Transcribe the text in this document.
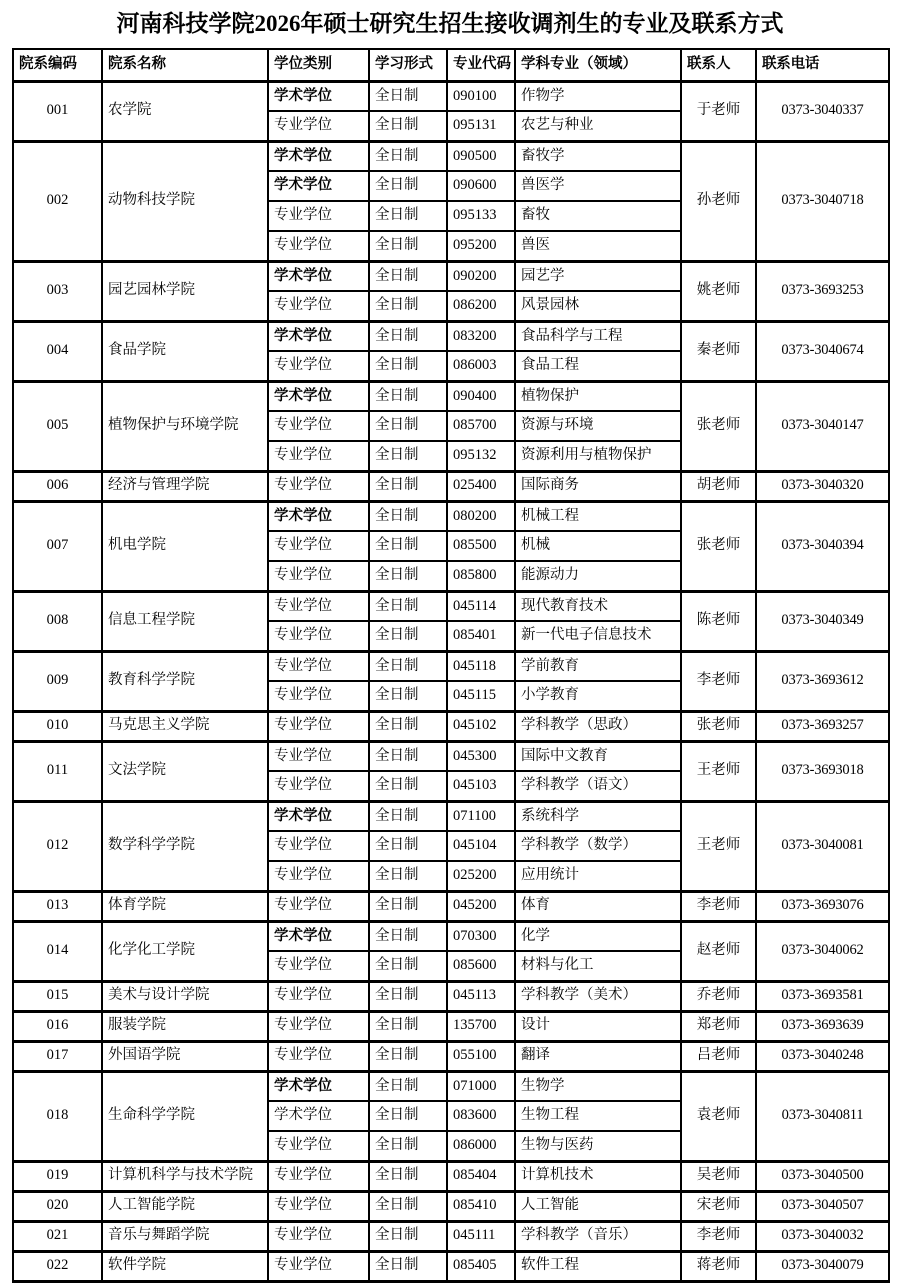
河南科技学院2026年硕士研究生招生接收调剂生的专业及联系方式
院系编码	院系名称	学位类别	学习形式	专业代码	学科专业（领域）	联系人	联系电话
001	农学院	学术学位	全日制	090100	作物学	于老师	0373-3040337
		专业学位	全日制	095131	农艺与种业		
002	动物科技学院	学术学位	全日制	090500	畜牧学	孙老师	0373-3040718
		学术学位	全日制	090600	兽医学		
		专业学位	全日制	095133	畜牧		
		专业学位	全日制	095200	兽医		
003	园艺园林学院	学术学位	全日制	090200	园艺学	姚老师	0373-3693253
		专业学位	全日制	086200	风景园林		
004	食品学院	学术学位	全日制	083200	食品科学与工程	秦老师	0373-3040674
		专业学位	全日制	086003	食品工程		
005	植物保护与环境学院	学术学位	全日制	090400	植物保护	张老师	0373-3040147
		专业学位	全日制	085700	资源与环境		
		专业学位	全日制	095132	资源利用与植物保护		
006	经济与管理学院	专业学位	全日制	025400	国际商务	胡老师	0373-3040320
007	机电学院	学术学位	全日制	080200	机械工程	张老师	0373-3040394
		专业学位	全日制	085500	机械		
		专业学位	全日制	085800	能源动力		
008	信息工程学院	专业学位	全日制	045114	现代教育技术	陈老师	0373-3040349
		专业学位	全日制	085401	新一代电子信息技术		
009	教育科学学院	专业学位	全日制	045118	学前教育	李老师	0373-3693612
		专业学位	全日制	045115	小学教育		
010	马克思主义学院	专业学位	全日制	045102	学科教学（思政）	张老师	0373-3693257
011	文法学院	专业学位	全日制	045300	国际中文教育	王老师	0373-3693018
		专业学位	全日制	045103	学科教学（语文）		
012	数学科学学院	学术学位	全日制	071100	系统科学	王老师	0373-3040081
		专业学位	全日制	045104	学科教学（数学）		
		专业学位	全日制	025200	应用统计		
013	体育学院	专业学位	全日制	045200	体育	李老师	0373-3693076
014	化学化工学院	学术学位	全日制	070300	化学	赵老师	0373-3040062
		专业学位	全日制	085600	材料与化工		
015	美术与设计学院	专业学位	全日制	045113	学科教学（美术）	乔老师	0373-3693581
016	服装学院	专业学位	全日制	135700	设计	郑老师	0373-3693639
017	外国语学院	专业学位	全日制	055100	翻译	吕老师	0373-3040248
018	生命科学学院	学术学位	全日制	071000	生物学	袁老师	0373-3040811
		学术学位	全日制	083600	生物工程		
		专业学位	全日制	086000	生物与医药		
019	计算机科学与技术学院	专业学位	全日制	085404	计算机技术	吴老师	0373-3040500
020	人工智能学院	专业学位	全日制	085410	人工智能	宋老师	0373-3040507
021	音乐与舞蹈学院	专业学位	全日制	045111	学科教学（音乐）	李老师	0373-3040032
022	软件学院	专业学位	全日制	085405	软件工程	蒋老师	0373-3040079
